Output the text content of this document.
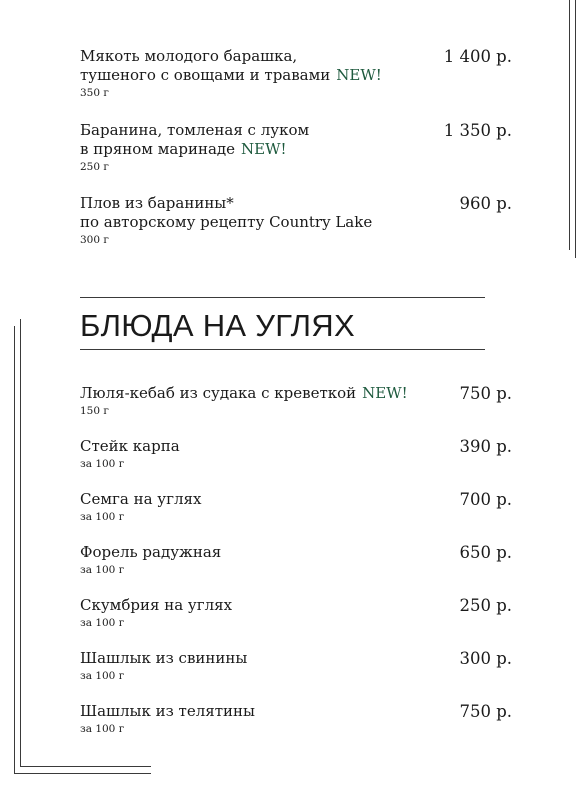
Мякоть молодого барашка,
тушеного с овощами и травами NEW!
350 г
1 400 р.
Баранина, томленая с луком
в пряном маринаде NEW!
250 г
1 350 р.
Плов из баранины*
по авторскому рецепту Country Lake
300 г
960 р.
БЛЮДА НА УГЛЯХ
Люля-кебаб из судака с креветкой NEW!
150 г
750 р.
Стейк карпа
за 100 г
390 р.
Семга на углях
за 100 г
700 р.
Форель радужная
за 100 г
650 р.
Скумбрия на углях
за 100 г
250 р.
Шашлык из свинины
за 100 г
300 р.
Шашлык из телятины
за 100 г
750 р.
